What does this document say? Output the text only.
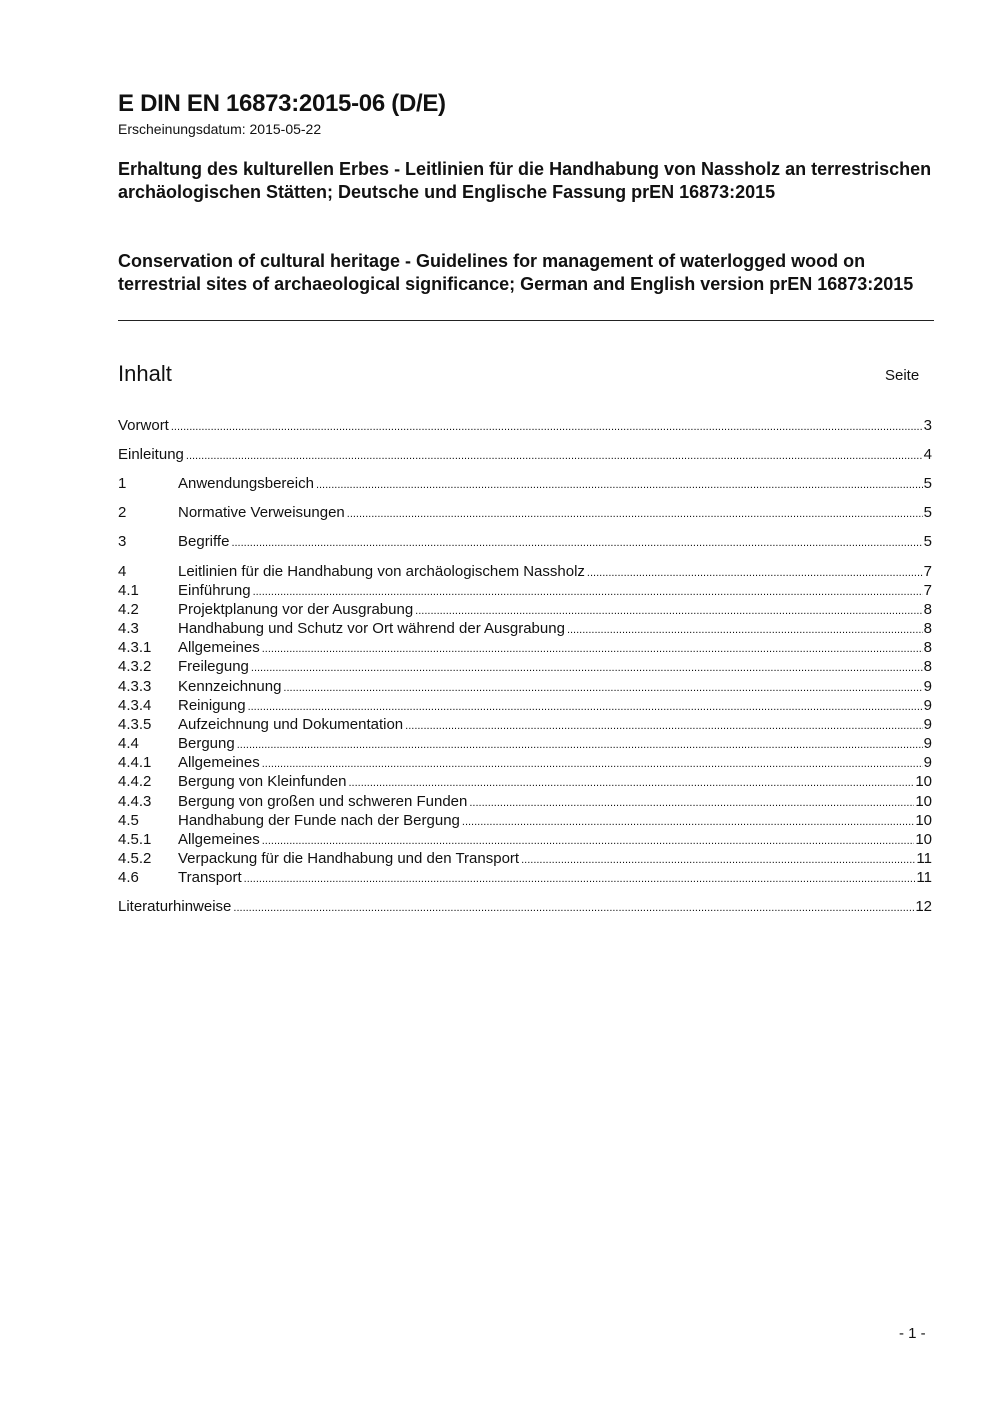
E DIN EN 16873:2015-06 (D/E)
Erscheinungsdatum: 2015-05-22
Erhaltung des kulturellen Erbes - Leitlinien für die Handhabung von Nassholz an terrestrischen archäologischen Stätten; Deutsche und Englische Fassung prEN 16873:2015
Conservation of cultural heritage - Guidelines for management of waterlogged wood on terrestrial sites of archaeological significance; German and English version prEN 16873:2015
Inhalt	Seite
Vorwort .....	3
Einleitung .....	4
1	Anwendungsbereich .....	5
2	Normative Verweisungen .....	5
3	Begriffe .....	5
4	Leitlinien für die Handhabung von archäologischem Nassholz .....	7
4.1	Einführung .....	7
4.2	Projektplanung vor der Ausgrabung .....	8
4.3	Handhabung und Schutz vor Ort während der Ausgrabung .....	8
4.3.1	Allgemeines .....	8
4.3.2	Freilegung .....	8
4.3.3	Kennzeichnung .....	9
4.3.4	Reinigung .....	9
4.3.5	Aufzeichnung und Dokumentation .....	9
4.4	Bergung .....	9
4.4.1	Allgemeines .....	9
4.4.2	Bergung von Kleinfunden .....	10
4.4.3	Bergung von großen und schweren Funden .....	10
4.5	Handhabung der Funde nach der Bergung .....	10
4.5.1	Allgemeines .....	10
4.5.2	Verpackung für die Handhabung und den Transport .....	11
4.6	Transport .....	11
Literaturhinweise .....	12
- 1 -
